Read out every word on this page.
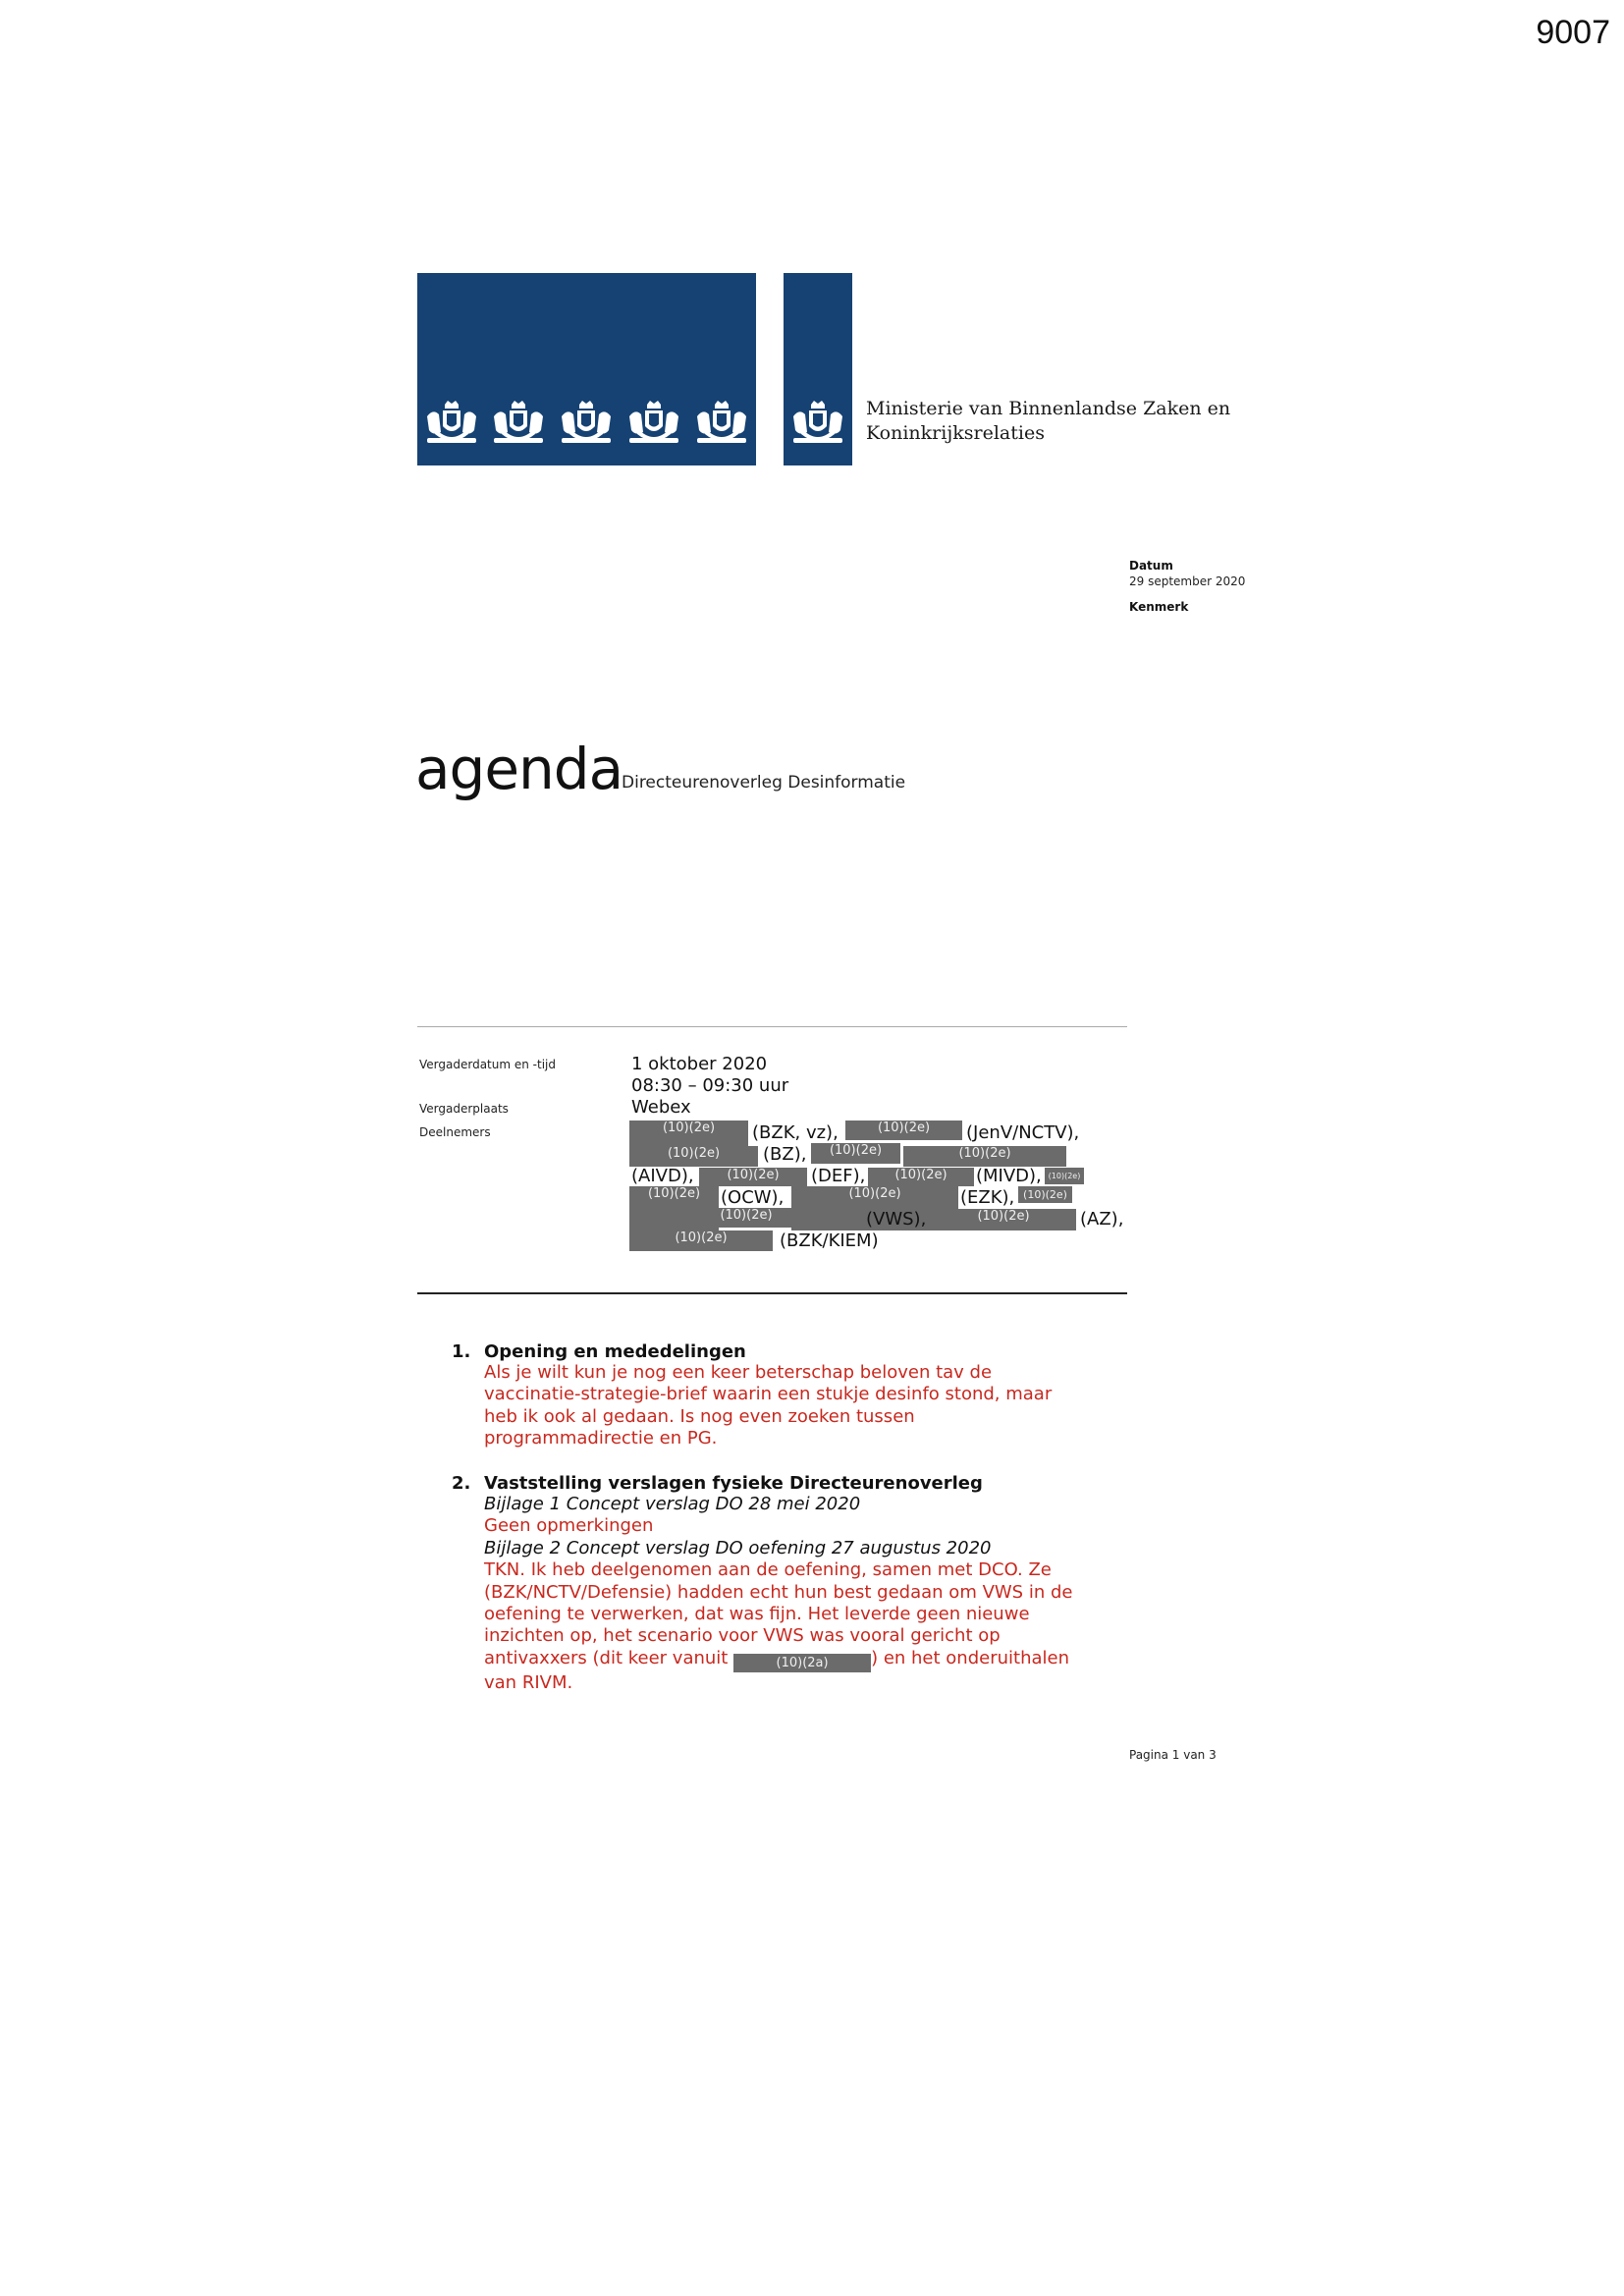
9007
Ministerie van Binnenlandse Zaken en
Koninkrijksrelaties
Datum
29 september 2020
Kenmerk
agenda
Directeurenoverleg Desinformatie
Vergaderdatum en -tijd	1 oktober 2020
08:30 – 09:30 uur
Vergaderplaats	Webex
Deelnemers	(10)(2e)	(BZK, vz),	(10)(2e)	(JenV/NCTV),
(10)(2e)	(BZ),	(10)(2e)	(10)(2e)
(AIVD),	(10)(2e)	(DEF),	(10)(2e)	(MIVD), (10)(2e)
(10)(2e)	(OCW),	(10)(2e)	(EZK), (10)(2e)
(10)(2e)	(VWS),	(10)(2e)	(AZ),
(10)(2e)	(BZK/KIEM)
1. Opening en mededelingen
Als je wilt kun je nog een keer beterschap beloven tav de
vaccinatie-strategie-brief waarin een stukje desinfo stond, maar
heb ik ook al gedaan. Is nog even zoeken tussen
programmadirectie en PG.
2. Vaststelling verslagen fysieke Directeurenoverleg
Bijlage 1 Concept verslag DO 28 mei 2020
Geen opmerkingen
Bijlage 2 Concept verslag DO oefening 27 augustus 2020
TKN. Ik heb deelgenomen aan de oefening, samen met DCO. Ze
(BZK/NCTV/Defensie) hadden echt hun best gedaan om VWS in de
oefening te verwerken, dat was fijn. Het leverde geen nieuwe
inzichten op, het scenario voor VWS was vooral gericht op
antivaxxers (dit keer vanuit	(10)(2a) ) en het onderuithalen
van RIVM.
Pagina 1 van 3
